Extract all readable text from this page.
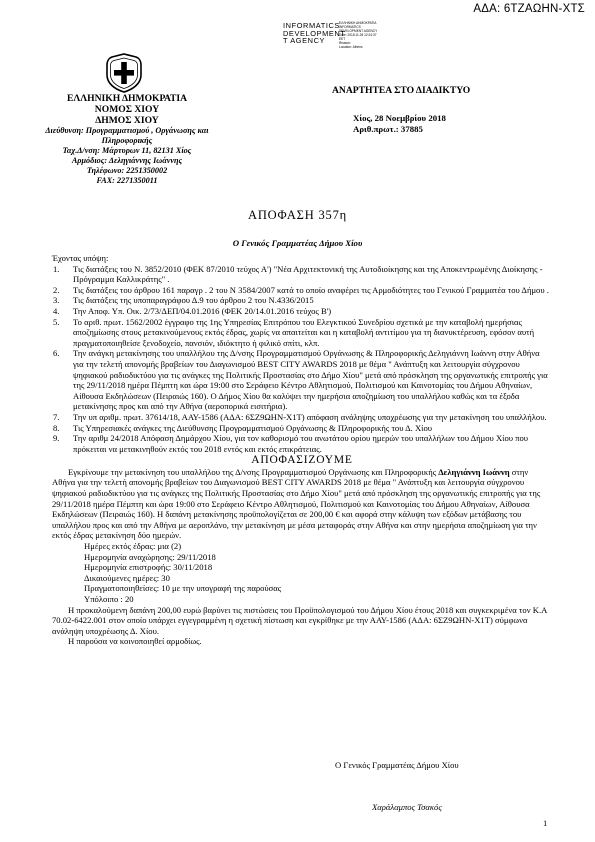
ΑΔΑ: 6ΤΖΑΩΗΝ-ΧΤΣ
INFORMATICS
DEVELOPMENT
T AGENCY
ΕΛΛΗΝΙΚΗ ΔΗΜΟΚΡΑΤΙΑ
INFORMATICS
DEVELOPMENT AGENCY
Date: 2018.11.28 12:24:37
EET
Reason:
Location: Athens
ΕΛΛΗΝΙΚΗ ΔΗΜΟΚΡΑΤΙΑ
ΝΟΜΟΣ ΧΙΟΥ
ΔΗΜΟΣ ΧΙΟΥ
Διεύθυνση: Προγραμματισμού , Οργάνωσης και Πληροφορικής
Ταχ.Δ/νση: Μάρτυρων 11, 82131 Χίος
Αρμόδιος: Δεληγιάννης Ιωάννης
Τηλέφωνο: 2251350002
FAX: 2271350011
ΑΝΑΡΤΗΤΕΑ ΣΤΟ ΔΙΑΔΙΚΤΥΟ
Χίος, 28 Νοεμβρίου 2018
Αριθ.πρωτ.: 37885
ΑΠΟΦΑΣΗ 357η
Ο Γενικός Γραμματέας Δήμου Χίου
Έχοντας υπόψη:
1. Τις διατάξεις του Ν. 3852/2010 (ΦΕΚ 87/2010 τεύχος Α') "Νέα Αρχιτεκτονική της Αυτοδιοίκησης και της Αποκεντρωμένης Διοίκησης - Πρόγραμμα Καλλικράτης" .
2. Τις διατάξεις του άρθρου 161 παραγρ . 2 του Ν 3584/2007 κατά το οποίο αναφέρει τις Αρμοδιότητες του Γενικού Γραμματέα του Δήμου .
3. Τις διατάξεις της υποπαραγράφου Δ.9 του άρθρου 2 του Ν.4336/2015
4. Την Αποφ. Υπ. Οικ. 2/73/ΔΕΠ/04.01.2016 (ΦΕΚ 20/14.01.2016 τεύχος Β')
5. Το αριθ. πρωτ. 1562/2002 έγγραφο της 1ης Υπηρεσίας Επιτρόπου του Ελεγκτικού Συνεδρίου σχετικά με την καταβολή ημερήσιας αποζημίωσης στους μετακινούμενους εκτός έδρας, χωρίς να απαιτείται και η καταβολή αντιτίμου για τη διανυκτέρευση, εφόσον αυτή πραγματοποιηθείσε ξενοδοχείο, πανσιόν, ιδιόκτητο ή φιλικό σπίτι, κλπ.
6. Την ανάγκη μετακίνησης του υπαλλήλου της Δ/νσης Προγραμματισμού Οργάνωσης & Πληροφορικής Δεληγιάννη Ιωάννη στην Αθήνα για την τελετή απονομής βραβείων του Διαγωνισμού BEST CITY AWARDS 2018 με θέμα " Ανάπτυξη και λειτουργία σύγχρονου ψηφιακού ραδιοδικτύου για τις ανάγκες της Πολιτικής Προστασίας στο Δήμο Χίου" μετά από πρόσκληση της οργανωτικής επιτροπής για της 29/11/2018 ημέρα Πέμπτη και ώρα 19:00 στο Σεράφειο Κέντρο Αθλητισμού, Πολιτισμού και Καινοτομίας του Δήμου Αθηναίων, Αίθουσα Εκδηλώσεων (Πειραιώς 160). Ο Δήμος Χίου θα καλύψει την ημερήσια αποζημίωση του υπαλλήλου καθώς και τα έξοδα μετακίνησης προς και από την Αθήνα (αεροπορικά εισιτήρια).
7. Την υπ αριθμ. πρωτ. 37614/18, ΑΑΥ-1586 (ΑΔΑ: 6ΣΖ9ΩΗΝ-Χ1Τ) απόφαση ανάληψης υποχρέωσης για την μετακίνηση του υπαλλήλου.
8. Τις Υπηρεσιακές ανάγκες της Διεύθυνσης Προγραμματισμού Οργάνωσης & Πληροφορικής του Δ. Χίου
9. Την αριθμ 24/2018 Απόφαση Δημάρχου Χίου, για τον καθορισμό του ανωτάτου ορίου ημερών του υπαλλήλων του Δήμου Χίου που πρόκειται να μετακινηθούν εκτός του 2018 εντός και εκτός επικράτειας.
ΑΠΟΦΑΣΙΖΟΥΜΕ
Εγκρίνουμε την μετακίνηση του υπαλλήλου της Δ/νσης Προγραμματισμού Οργάνωσης και Πληροφορικής Δεληγιάννη Ιωάννη στην Αθήνα για την τελετή απονομής βραβείων του Διαγωνισμού BEST CITY AWARDS 2018 με θέμα " Ανάπτυξη και λειτουργία σύγχρονου ψηφιακού ραδιοδικτύου για τις ανάγκες της Πολιτικής Προστασίας στο Δήμο Χίου" μετά από πρόσκληση της οργανωτικής επιτροπής για της 29/11/2018 ημέρα Πέμπτη και ώρα 19:00 στο Σεράφειο Κέντρο Αθλητισμού, Πολιτισμού και Καινοτομίας του Δήμου Αθηναίων, Αίθουσα Εκδηλώσεων (Πειραιώς 160). Η δαπάνη μετακίνησης προϋπολογίζεται σε 200,00 € και αφορά στην κάλυψη των εξόδων μετάβασης του υπαλλήλου προς και από την Αθήνα με αεροπλάνο, την μετακίνηση με μέσα μεταφοράς στην Αθήνα και στην ημερήσια αποζημίωση για την εκτός έδρας μετακίνηση δύο ημερών.
Ημέρες εκτός έδρας: μια (2)
Ημερομηνία αναχώρησης: 29/11/2018
Ημερομηνία επιστροφής: 30/11/2018
Δικαιούμενες ημέρες: 30
Πραγματοποιηθείσες: 10 με την υπογραφή της παρούσας
Υπόλοιπο : 20
Η προκαλούμενη δαπάνη 200,00 ευρώ βαρύνει τις πιστώσεις του Προϋπολογισμού του Δήμου Χίου έτους 2018 και συγκεκριμένα τον Κ.Α 70.02-6422.001 στον οποίο υπάρχει εγγεγραμμένη η σχετική πίστωση και εγκρίθηκε με την ΑΑΥ-1586 (ΑΔΑ: 6ΣΖ9ΩΗΝ-Χ1Τ) σύμφωνα ανάληψη υποχρέωσης Δ. Χίου.
Η παρούσα να κοινοποιηθεί αρμοδίως.
Ο Γενικός Γραμματέας Δήμου Χίου
Χαράλαμπος Τσακός
1
